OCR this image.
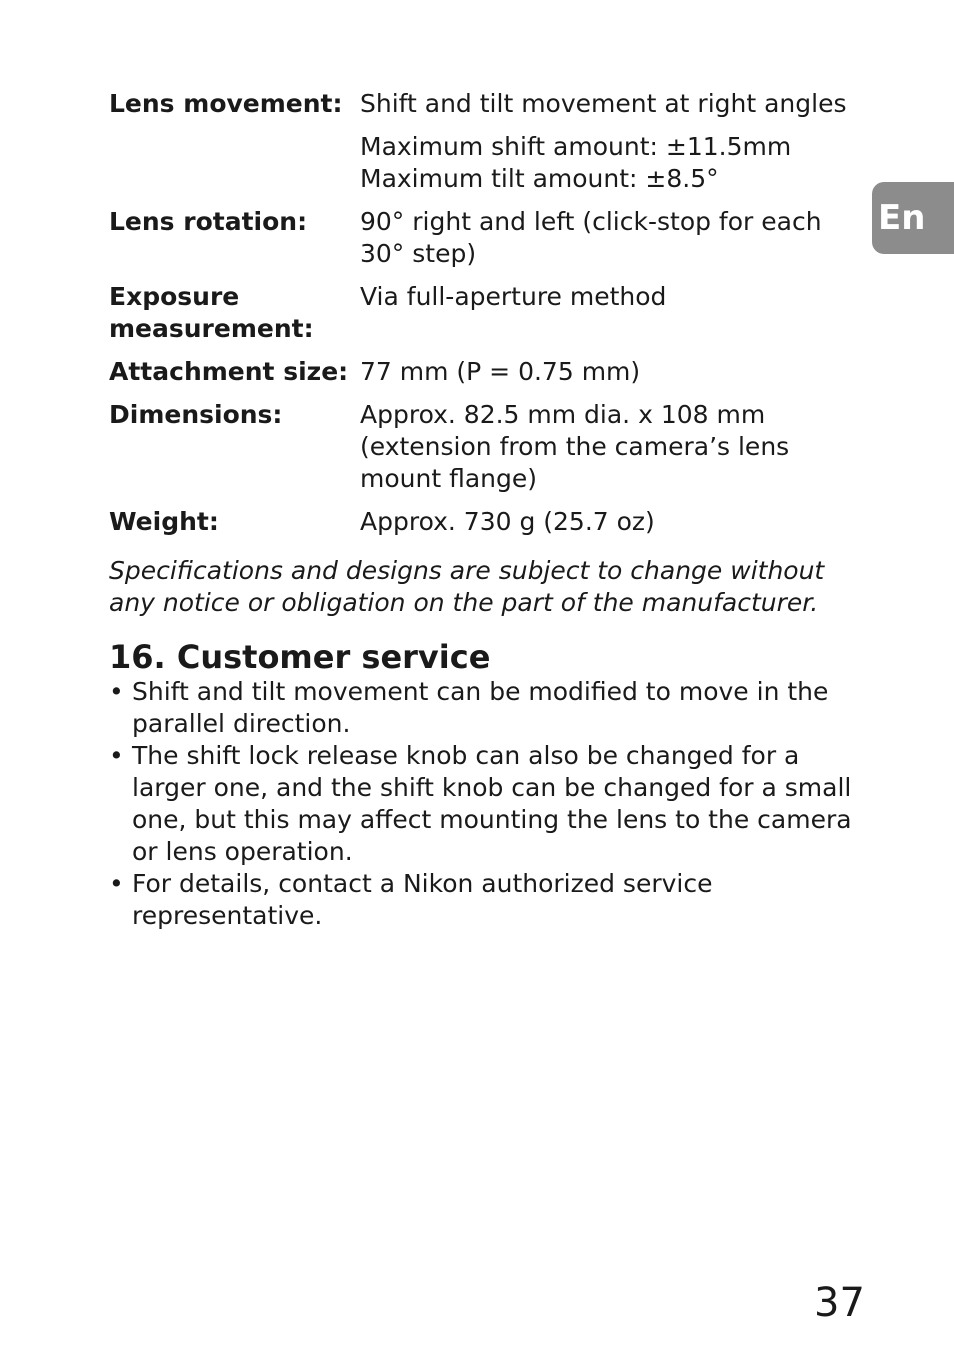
Lens movement:	Shift and tilt movement at right angles
Maximum shift amount: ±11.5mm
Maximum tilt amount: ±8.5°

Lens rotation:	90° right and left (click-stop for each
30° step)

Exposure
measurement:	Via full-aperture method

Attachment size:	77 mm (P = 0.75 mm)

Dimensions:	Approx. 82.5 mm dia. x 108 mm
(extension from the camera’s lens
mount flange)

Weight:	Approx. 730 g (25.7 oz)
En
Specifications and designs are subject to change without
any notice or obligation on the part of the manufacturer.
16. Customer service
• Shift and tilt movement can be modified to move in the
parallel direction.
• The shift lock release knob can also be changed for a
larger one, and the shift knob can be changed for a small
one, but this may affect mounting the lens to the camera
or lens operation.
• For details, contact a Nikon authorized service
representative.
37
